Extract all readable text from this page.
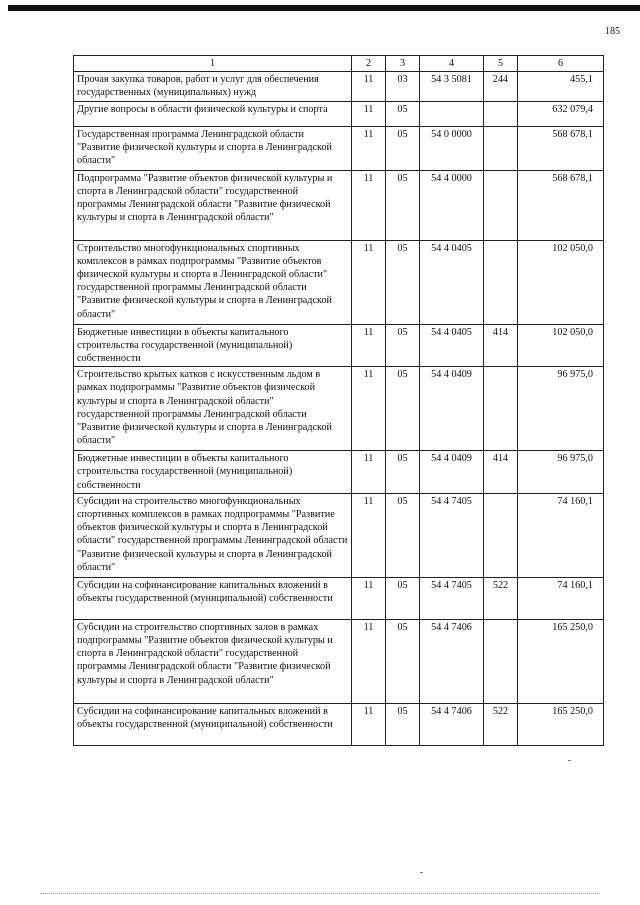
185
1	2	3	4	5	6
Прочая закупка товаров, работ и услуг для обеспечения государственных (муниципальных) нужд	11	03	54 3 5081	244	455,1
Другие вопросы в области физической культуры и спорта	11	05			632 079,4
Государственная программа Ленинградской области "Развитие физической культуры и спорта в Ленинградской области"	11	05	54 0 0000		568 678,1
Подпрограмма "Развитие объектов физической культуры и спорта в Ленинградской области" государственной программы Ленинградской области "Развитие физической культуры и спорта в Ленинградской области"	11	05	54 4 0000		568 678,1
Строительство многофункциональных спортивных комплексов в рамках подпрограммы "Развитие объектов физической культуры и спорта в Ленинградской области" государственной программы Ленинградской области "Развитие физической культуры и спорта в Ленинградской области"	11	05	54 4 0405		102 050,0
Бюджетные инвестиции в объекты капитального строительства государственной (муниципальной) собственности	11	05	54 4 0405	414	102 050,0
Строительство крытых катков с искусственным льдом в рамках подпрограммы "Развитие объектов физической культуры и спорта в Ленинградской области" государственной программы Ленинградской области "Развитие физической культуры и спорта в Ленинградской области"	11	05	54 4 0409		96 975,0
Бюджетные инвестиции в объекты капитального строительства государственной (муниципальной) собственности	11	05	54 4 0409	414	96 975,0
Субсидии на строительство многофункциональных спортивных комплексов в рамках подпрограммы "Развитие объектов физической культуры и спорта в Ленинградской области" государственной программы Ленинградской области "Развитие физической культуры и спорта в Ленинградской области"	11	05	54 4 7405		74 160,1
Субсидии на софинансирование капитальных вложений в объекты государственной (муниципальной) собственности	11	05	54 4 7405	522	74 160,1
Субсидии на строительство спортивных залов в рамках подпрограммы "Развитие объектов физической культуры и спорта в Ленинградской области" государственной программы Ленинградской области "Развитие физической культуры и спорта в Ленинградской области"	11	05	54 4 7406		165 250,0
Субсидии на софинансирование капитальных вложений в объекты государственной (муниципальной) собственности	11	05	54 4 7406	522	165 250,0
